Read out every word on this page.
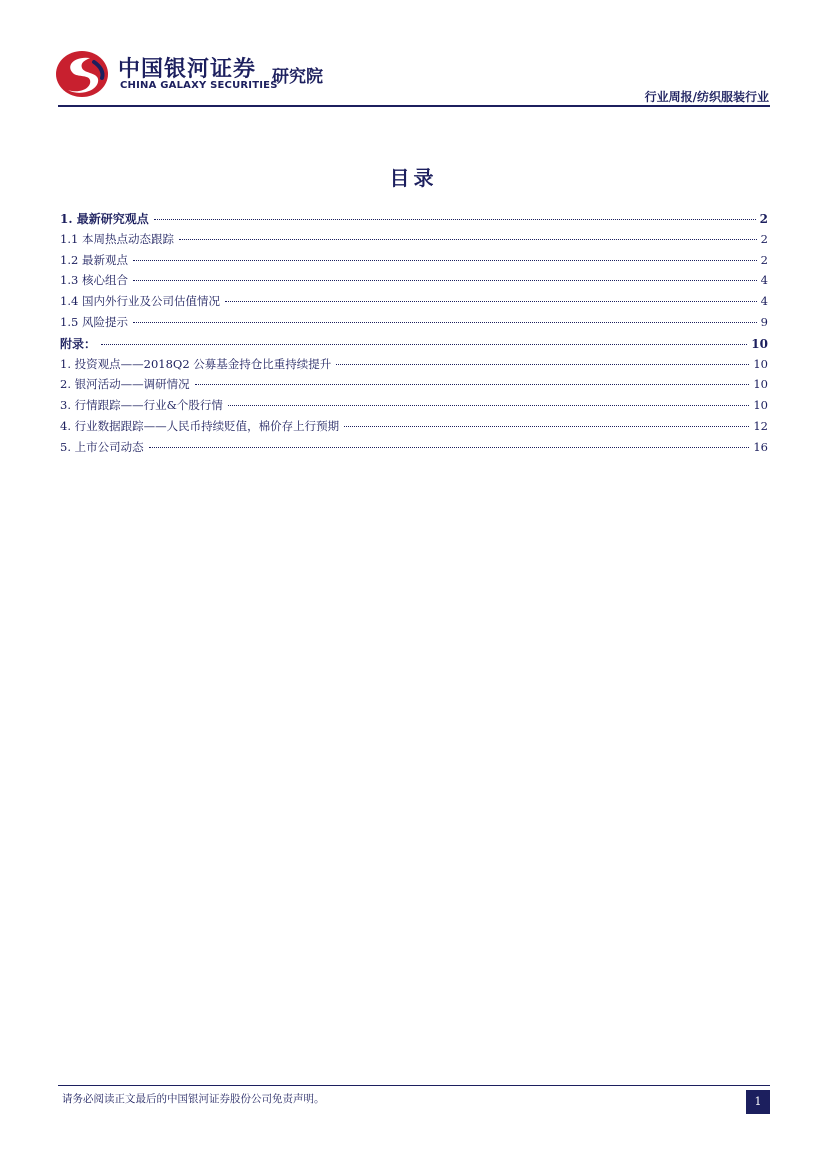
中国银河证券
CHINA GALAXY SECURITIES
研究院
行业周报/纺织服装行业
目录
1. 最新研究观点	2
1.1 本周热点动态跟踪	2
1.2 最新观点	2
1.3 核心组合	4
1.4 国内外行业及公司估值情况	4
1.5 风险提示	9
附录：	10
1. 投资观点——2018Q2 公募基金持仓比重持续提升	10
2. 银河活动——调研情况	10
3. 行情跟踪——行业&个股行情	10
4. 行业数据跟踪——人民币持续贬值，棉价存上行预期	12
5. 上市公司动态	16
请务必阅读正文最后的中国银河证券股份公司免责声明。	1
